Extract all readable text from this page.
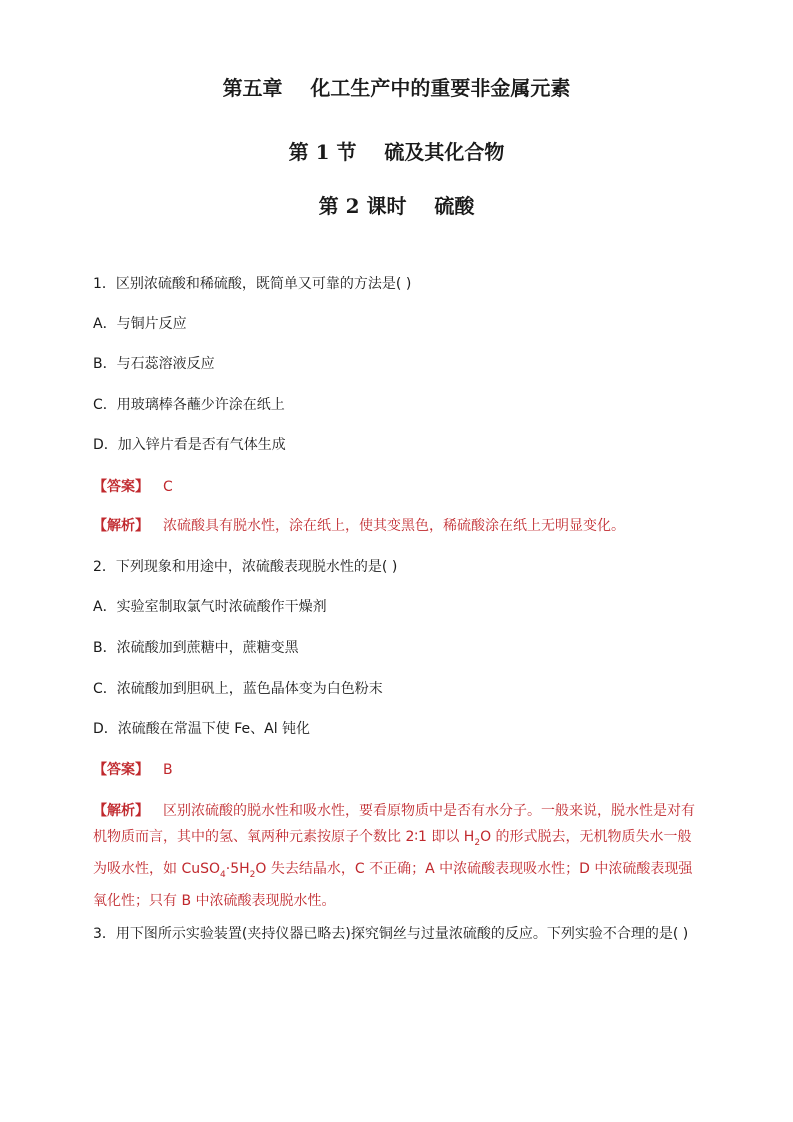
第五章    化工生产中的重要非金属元素
第 1 节    硫及其化合物
第 2 课时    硫酸
1．区别浓硫酸和稀硫酸，既简单又可靠的方法是( )
A．与铜片反应
B．与石蕊溶液反应
C．用玻璃棒各蘸少许涂在纸上
D．加入锌片看是否有气体生成
【答案】 C
【解析】 浓硫酸具有脱水性，涂在纸上，使其变黑色，稀硫酸涂在纸上无明显变化。
2．下列现象和用途中，浓硫酸表现脱水性的是( )
A．实验室制取氯气时浓硫酸作干燥剂
B．浓硫酸加到蔗糖中，蔗糖变黑
C．浓硫酸加到胆矾上，蓝色晶体变为白色粉末
D．浓硫酸在常温下使 Fe、Al 钝化
【答案】 B
【解析】 区别浓硫酸的脱水性和吸水性，要看原物质中是否有水分子。一般来说，脱水性是对有机物质而言，其中的氢、氧两种元素按原子个数比 2∶1 即以 $H_2O$ 的形式脱去，无机物质失水一般为吸水性，如 $CuSO_4\cdot 5H_2O$ 失去结晶水，C 不正确；A 中浓硫酸表现吸水性；D 中浓硫酸表现强氧化性；只有 B 中浓硫酸表现脱水性。
3．用下图所示实验装置(夹持仪器已略去)探究铜丝与过量浓硫酸的反应。下列实验不合理的是( )
